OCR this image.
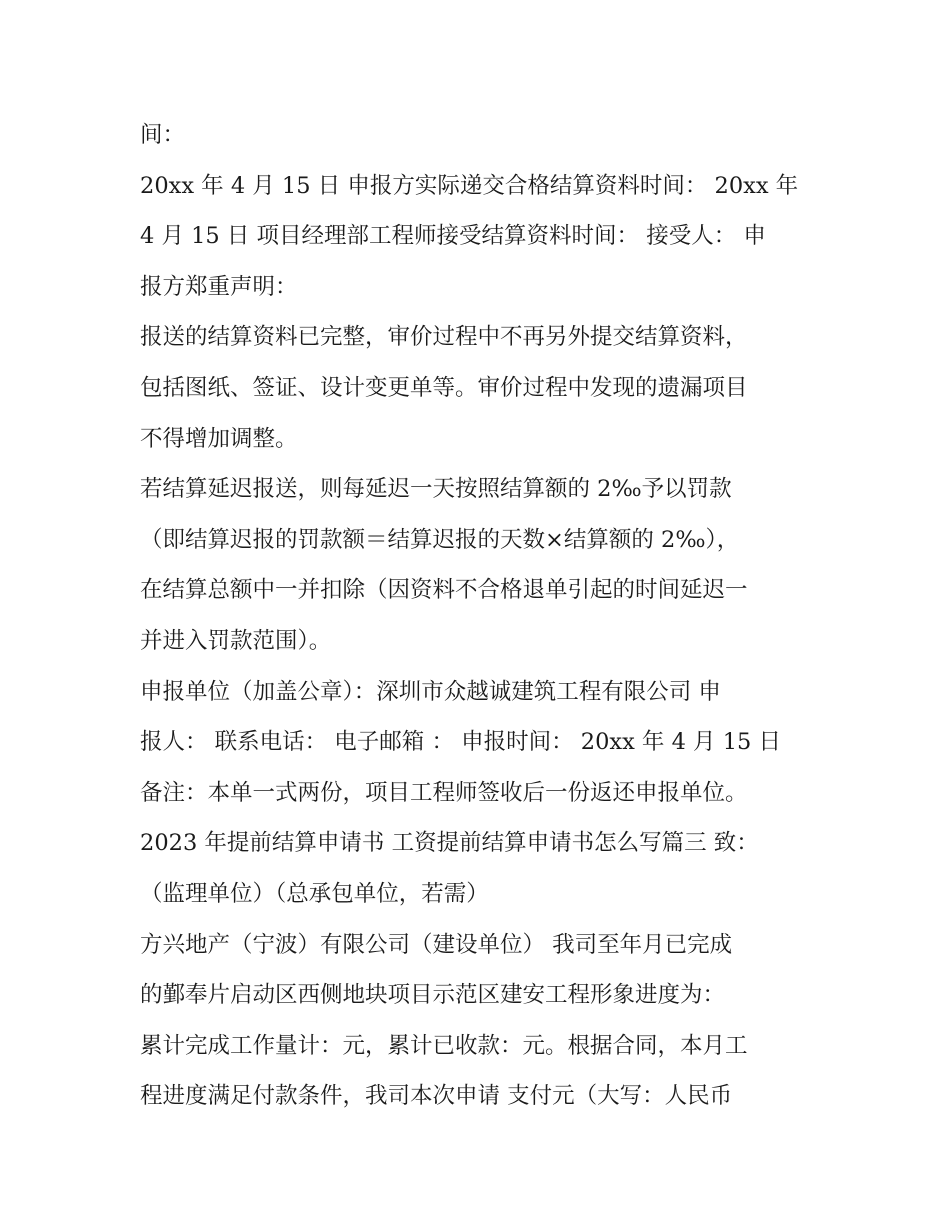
间：
20xx 年 4 月 15 日 申报方实际递交合格结算资料时间： 20xx 年
4 月 15 日 项目经理部工程师接受结算资料时间： 接受人： 申
报方郑重声明：
报送的结算资料已完整，审价过程中不再另外提交结算资料，
包括图纸、签证、设计变更单等。审价过程中发现的遗漏项目
不得增加调整。
若结算延迟报送，则每延迟一天按照结算额的 2‰予以罚款
（即结算迟报的罚款额＝结算迟报的天数×结算额的 2‰），
在结算总额中一并扣除（因资料不合格退单引起的时间延迟一
并进入罚款范围）。
申报单位（加盖公章）：深圳市众越诚建筑工程有限公司 申
报人： 联系电话： 电子邮箱 ： 申报时间： 20xx 年 4 月 15 日
备注：本单一式两份，项目工程师签收后一份返还申报单位。
2023 年提前结算申请书 工资提前结算申请书怎么写篇三 致：
（监理单位）（总承包单位，若需）
方兴地产（宁波）有限公司（建设单位） 我司至年月已完成
的鄞奉片启动区西侧地块项目示范区建安工程形象进度为：
累计完成工作量计：元，累计已收款：元。根据合同，本月工
程进度满足付款条件，我司本次申请 支付元（大写：人民币
